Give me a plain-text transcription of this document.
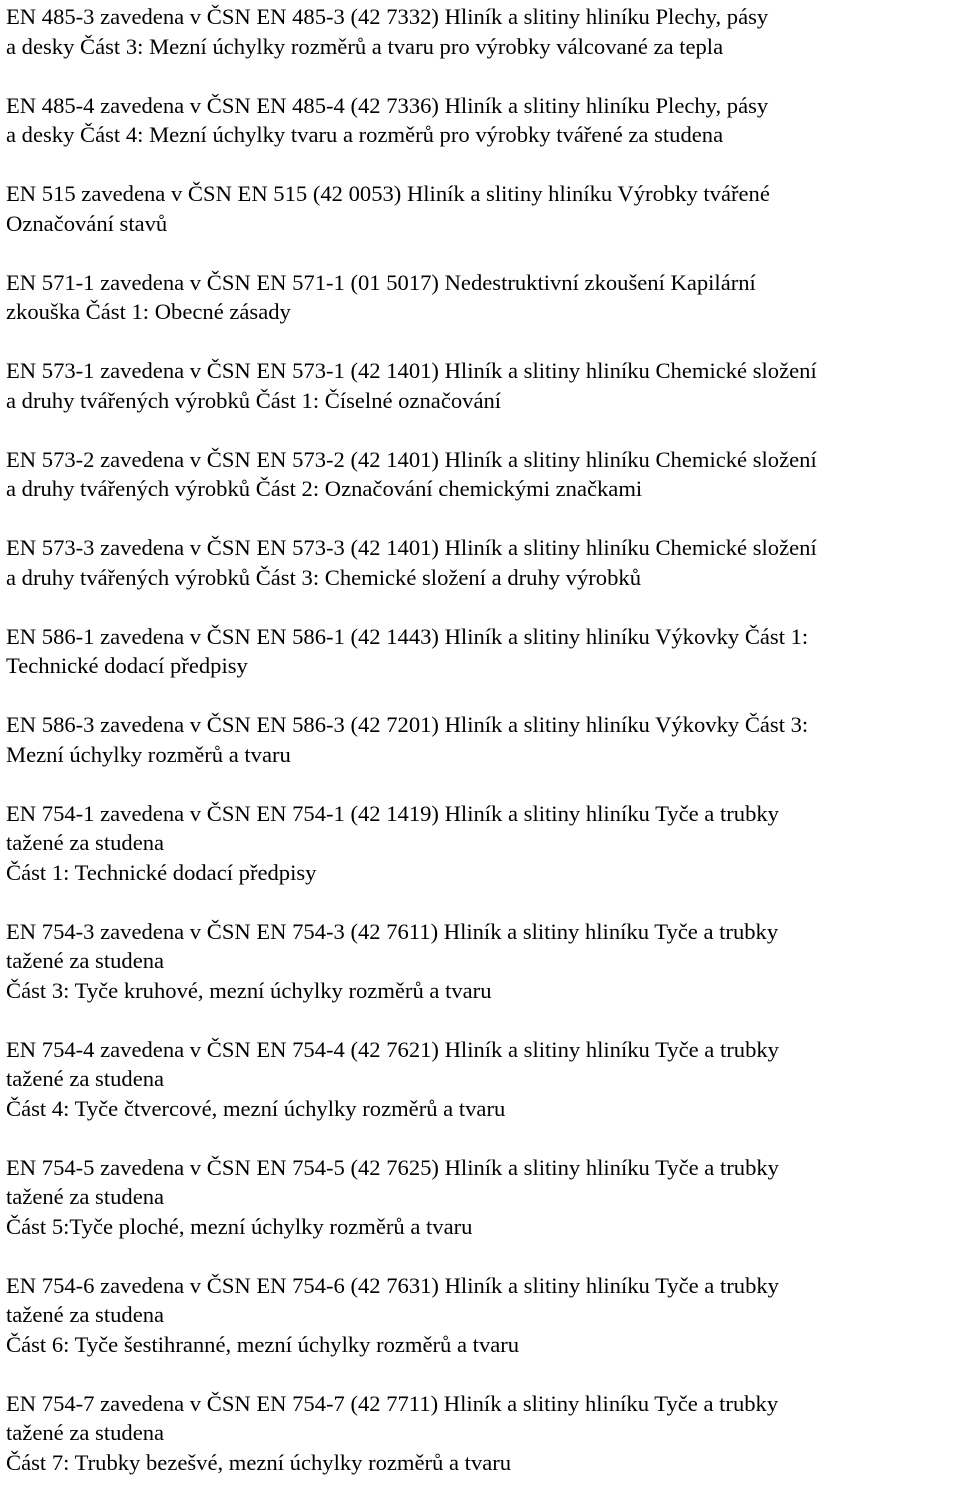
EN 485-3 zavedena v ČSN EN 485-3 (42 7332) Hliník a slitiny hliníku Plechy, pásy
a desky Část 3: Mezní úchylky rozměrů a tvaru pro výrobky válcované za tepla
EN 485-4 zavedena v ČSN EN 485-4 (42 7336) Hliník a slitiny hliníku Plechy, pásy
a desky Část 4: Mezní úchylky tvaru a rozměrů pro výrobky tvářené za studena
EN 515 zavedena v ČSN EN 515 (42 0053) Hliník a slitiny hliníku Výrobky tvářené
Označování stavů
EN 571-1 zavedena v ČSN EN 571-1 (01 5017) Nedestruktivní zkoušení Kapilární
zkouška Část 1: Obecné zásady
EN 573-1 zavedena v ČSN EN 573-1 (42 1401) Hliník a slitiny hliníku Chemické složení
a druhy tvářených výrobků Část 1: Číselné označování
EN 573-2 zavedena v ČSN EN 573-2 (42 1401) Hliník a slitiny hliníku Chemické složení
a druhy tvářených výrobků Část 2: Označování chemickými značkami
EN 573-3 zavedena v ČSN EN 573-3 (42 1401) Hliník a slitiny hliníku Chemické složení
a druhy tvářených výrobků Část 3: Chemické složení a druhy výrobků
EN 586-1 zavedena v ČSN EN 586-1 (42 1443) Hliník a slitiny hliníku Výkovky Část 1:
Technické dodací předpisy
EN 586-3 zavedena v ČSN EN 586-3 (42 7201) Hliník a slitiny hliníku Výkovky Část 3:
Mezní úchylky rozměrů a tvaru
EN 754-1 zavedena v ČSN EN 754-1 (42 1419) Hliník a slitiny hliníku Tyče a trubky
tažené za studena
Část 1: Technické dodací předpisy
EN 754-3 zavedena v ČSN EN 754-3 (42 7611) Hliník a slitiny hliníku Tyče a trubky
tažené za studena
Část 3: Tyče kruhové, mezní úchylky rozměrů a tvaru
EN 754-4 zavedena v ČSN EN 754-4 (42 7621) Hliník a slitiny hliníku Tyče a trubky
tažené za studena
Část 4: Tyče čtvercové, mezní úchylky rozměrů a tvaru
EN 754-5 zavedena v ČSN EN 754-5 (42 7625) Hliník a slitiny hliníku Tyče a trubky
tažené za studena
Část 5:Tyče ploché, mezní úchylky rozměrů a tvaru
EN 754-6 zavedena v ČSN EN 754-6 (42 7631) Hliník a slitiny hliníku Tyče a trubky
tažené za studena
Část 6: Tyče šestihranné, mezní úchylky rozměrů a tvaru
EN 754-7 zavedena v ČSN EN 754-7 (42 7711) Hliník a slitiny hliníku Tyče a trubky
tažené za studena
Část 7: Trubky bezešvé, mezní úchylky rozměrů a tvaru
